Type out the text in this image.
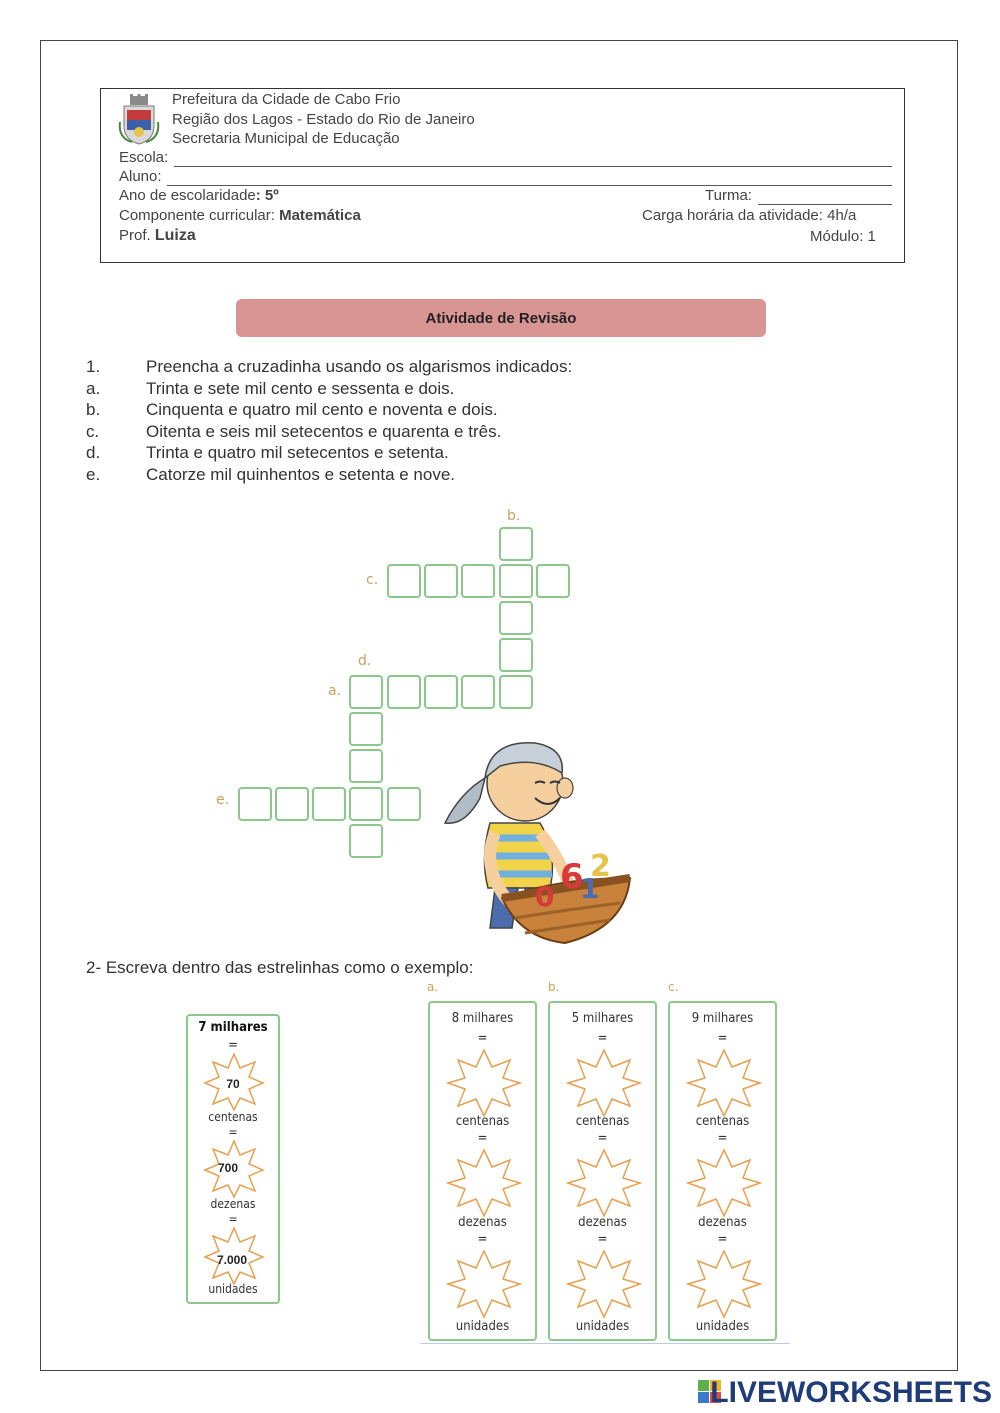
Prefeitura da Cidade de Cabo Frio
Região dos Lagos - Estado do Rio de Janeiro
Secretaria Municipal de Educação
Escola:
Aluno:
Ano de escolaridade: 5º	Turma:
Componente curricular: Matemática	Carga horária da atividade: 4h/a
Prof. Luiza	Módulo: 1
Atividade de Revisão
1.	Preencha a cruzadinha usando os algarismos indicados:
a.	Trinta e sete mil cento e sessenta e dois.
b.	Cinquenta e quatro mil cento e noventa e dois.
c.	Oitenta e seis mil setecentos e quarenta e três.
d.	Trinta e quatro mil setecentos e setenta.
e.	Catorze mil quinhentos e setenta e nove.
b.
c.
d.
a.
e.
6 2
0 1
2- Escreva dentro das estrelinhas como o exemplo:
7 milhares
=
70
centenas
=
700
dezenas
=
7.000
unidades
a.
8 milhares
=
centenas
=
dezenas
=
unidades
b.
5 milhares
=
centenas
=
dezenas
=
unidades
c.
9 milhares
=
centenas
=
dezenas
=
unidades
LIVEWORKSHEETS
